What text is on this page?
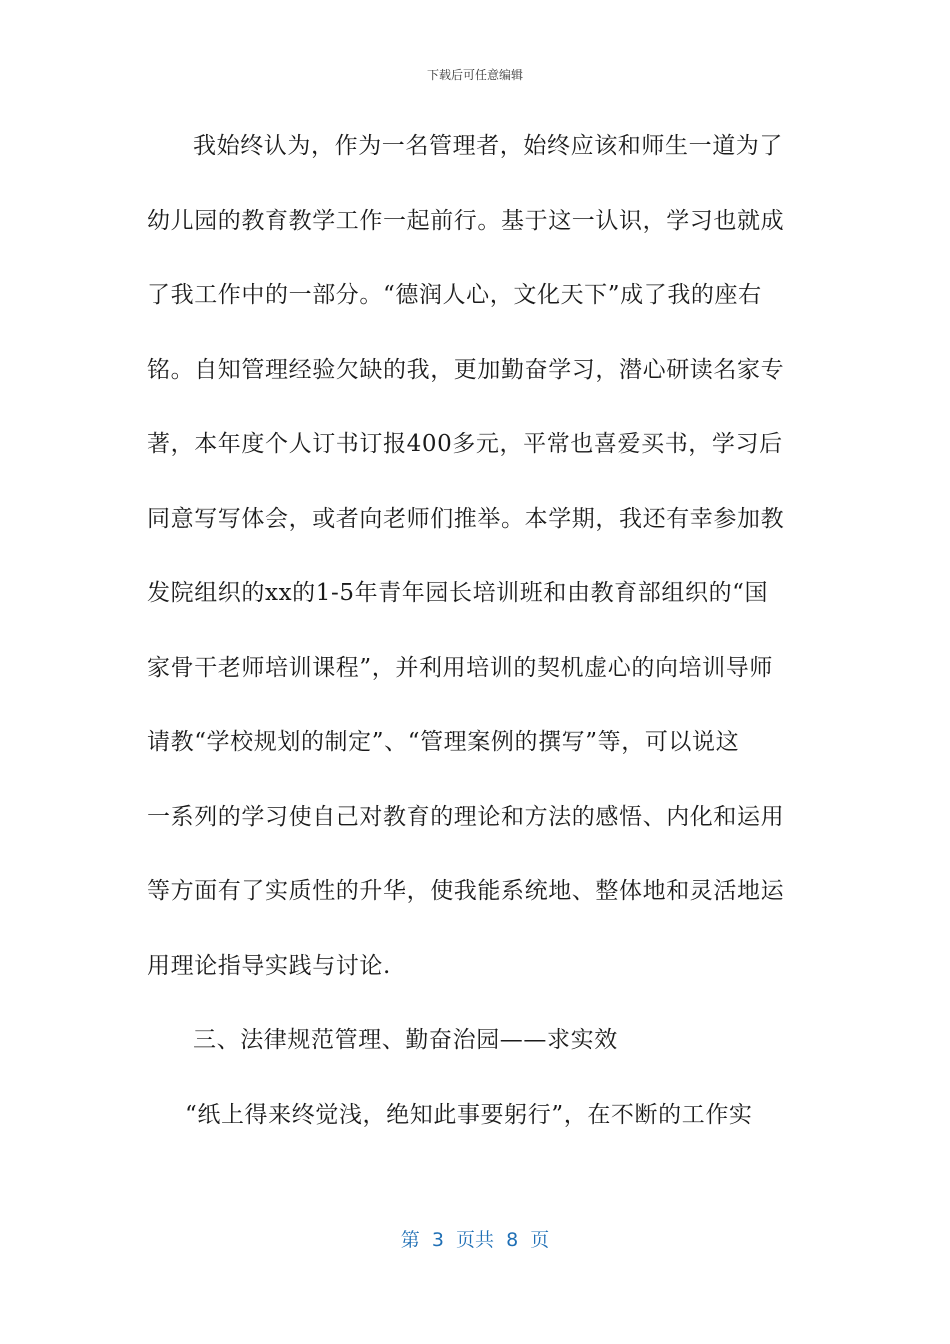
下载后可任意编辑
我始终认为，作为一名管理者，始终应该和师生一道为了
幼儿园的教育教学工作一起前行。基于这一认识，学习也就成
了我工作中的一部分。“德润人心，文化天下”成了我的座右
铭。自知管理经验欠缺的我，更加勤奋学习，潜心研读名家专
著，本年度个人订书订报400多元，平常也喜爱买书，学习后
同意写写体会，或者向老师们推举。本学期，我还有幸参加教
发院组织的xx的1-5年青年园长培训班和由教育部组织的“国
家骨干老师培训课程”，并利用培训的契机虚心的向培训导师
请教“学校规划的制定”、“管理案例的撰写”等，可以说这
一系列的学习使自己对教育的理论和方法的感悟、内化和运用
等方面有了实质性的升华，使我能系统地、整体地和灵活地运
用理论指导实践与讨论.
三、法律规范管理、勤奋治园——求实效
“纸上得来终觉浅，绝知此事要躬行”，在不断的工作实
第  3  页共  8  页
